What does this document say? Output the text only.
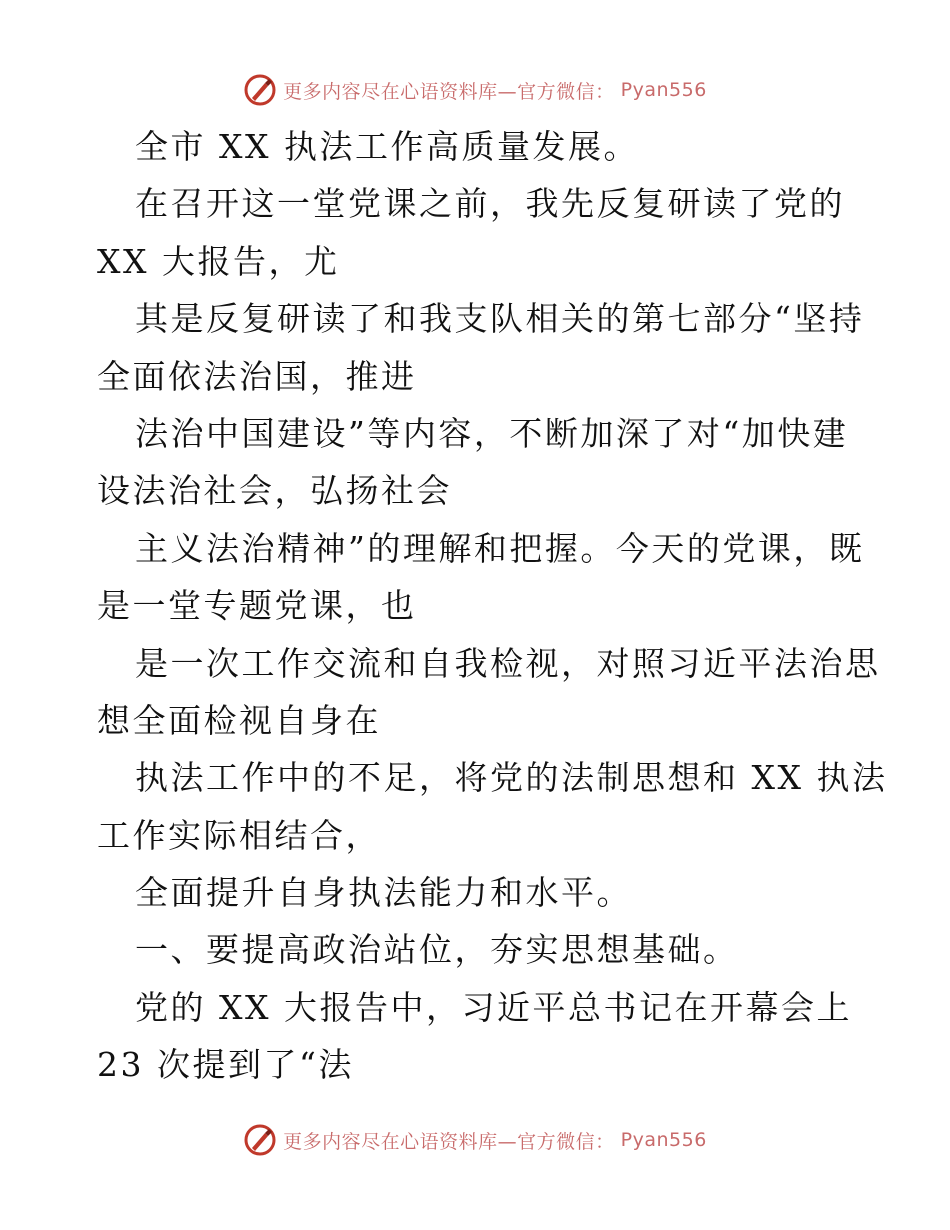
更多内容尽在心语资料库—官方微信： Pyan556
全市 XX 执法工作高质量发展。
在召开这一堂党课之前，我先反复研读了党的
XX 大报告，尤
其是反复研读了和我支队相关的第七部分“坚持
全面依法治国，推进
法治中国建设”等内容，不断加深了对“加快建
设法治社会，弘扬社会
主义法治精神”的理解和把握。今天的党课，既
是一堂专题党课，也
是一次工作交流和自我检视，对照习近平法治思
想全面检视自身在
执法工作中的不足，将党的法制思想和 XX 执法
工作实际相结合，
全面提升自身执法能力和水平。
一、要提高政治站位，夯实思想基础。
党的 XX 大报告中，习近平总书记在开幕会上
23 次提到了“法
更多内容尽在心语资料库—官方微信： Pyan556
